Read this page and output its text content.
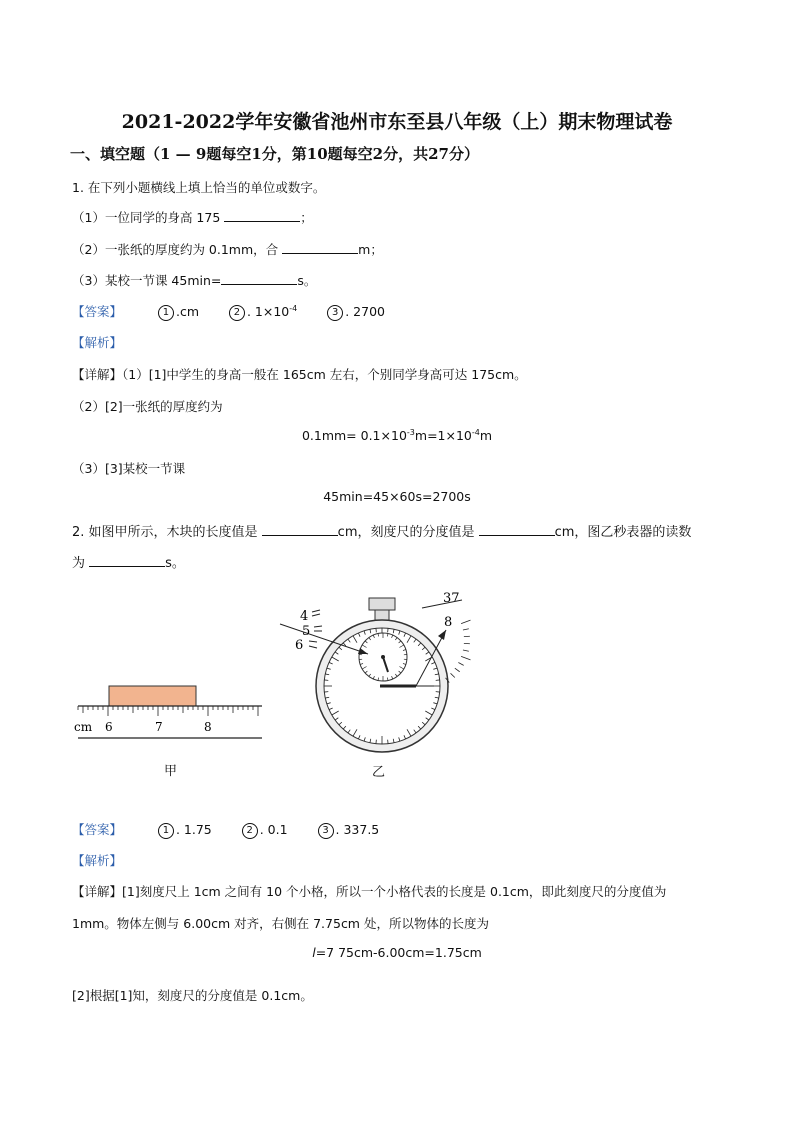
2021-2022学年安徽省池州市东至县八年级（上）期末物理试卷
一、填空题（1 — 9题每空1分，第10题每空2分，共27分）
1. 在下列小题横线上填上恰当的单位或数字。
（1）一位同学的身高 175	；
（2）一张纸的厚度约为 0.1mm，合	m；
（3）某校一节课 45min=	s。
【答案】	1 .cm	2 . $1\times 10^{-4}$	3 . 2700
【解析】
【详解】（1）[1]中学生的身高一般在 165cm 左右，个别同学身高可达 175cm。
（2）[2]一张纸的厚度约为
$0.1mm= 0.1\times 10^{-3}m=1\times 10^{-4}m$
（3）[3]某校一节课
45min=45×60s=2700s
2. 如图甲所示，木块的长度值是	cm，刻度尺的分度值是	cm，图乙秒表器的读数
为	s。
cm 6	7	8
甲
4
5
6
37
8
乙
【答案】	1 . 1.75	2 . 0.1	3 . 337.5
【解析】
【详解】[1]刻度尺上 1cm 之间有 10 个小格，所以一个小格代表的长度是 0.1cm，即此刻度尺的分度值为
1mm。物体左侧与 6.00cm 对齐，右侧在 7.75cm 处，所以物体的长度为
l=7 75cm-6.00cm=1.75cm
[2]根据[1]知，刻度尺的分度值是 0.1cm。
